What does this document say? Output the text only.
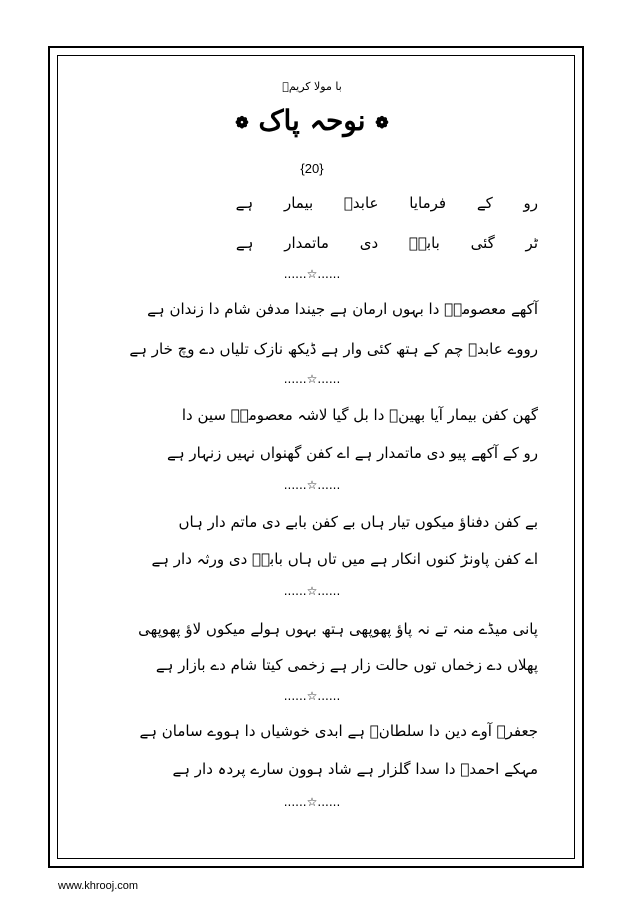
با مولا کریمؑ
❁ نوحہ پاک ❁
{20}
رو کے فرمایا عابدؑ بیمار ہے
ٹر گئی بابےؑ دی ماتمدار ہے
......☆......
آکھے معصومہؑ دا بہوں ارمان ہے جیندا مدفن شام دا زندان ہے
رووے عابدؑ چم کے ہتھ کئی وار ہے ڈیکھ نازک تلیاں دے وچ خار ہے
......☆......
گھن کفن بیمار آیا بھینؑ دا بل گیا لاشہ معصومہؑ سین دا
رو کے آکھے پیو دی ماتمدار ہے اے کفن گھنواں نہیں زنہار ہے
......☆......
بے کفن دفناؤ میکوں تیار ہاں بے کفن بابے دی ماتم دار ہاں
اے کفن پاونڑ کنوں انکار ہے میں تاں ہاں بابےؑ دی ورثہ دار ہے
......☆......
پانی میڈے منہ تے نہ پاؤ پھوپھی ہتھ بہوں ہولے میکوں لاؤ پھوپھی
پھلاں دے زخماں توں حالت زار ہے زخمی کیتا شام دے بازار ہے
......☆......
جعفرؑ آوے دین دا سلطانؑ ہے ابدی خوشیاں دا ہووے سامان ہے
مہکے احمدؑ دا سدا گلزار ہے شاد ہوون سارے پردہ دار ہے
......☆......
www.khrooj.com
